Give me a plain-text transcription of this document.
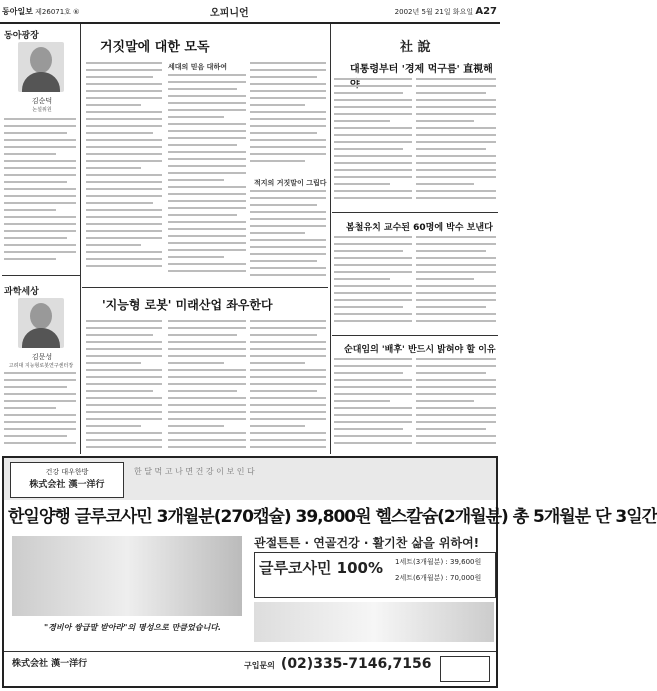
동아일보 제26071호 ⑥	오피니언	2002년 5월 21일 화요일 A27
동아광장
김순덕
논설위원
과학세상
김문성
고려대 지능형로봇연구센터장
거짓말에 대한 모독
세대의 믿음 대하여
적지의 거짓말이 그립다
'지능형 로봇' 미래산업 좌우한다
社 說
대통령부터 '경제 먹구름' 直視해
봄철유치 교수된 60명에 박수 보낸다
순대임의 '배후' 반드시 밝혀야 할 이유
건강 대우한방
株式会社 漢一洋行
한 달 먹 고 나 면 건 강 이 보 인 다
한일양행 글루코사민 3개월분(270캡슐) 39,800원 헬스칼슘(2개월분) 총 5개월분 단 3일간
관절튼튼 · 연골건강 · 활기찬 삶을 위하여!
글루코사민 100% 1세트(3개월분) : 39,600원
2세트(6개월분) : 70,000원
"경비아 쌍급말 받아라"의 명성으로 만큼었습니다.
株式会社 漢一洋行	구입문의 (02)335-7146,7156
